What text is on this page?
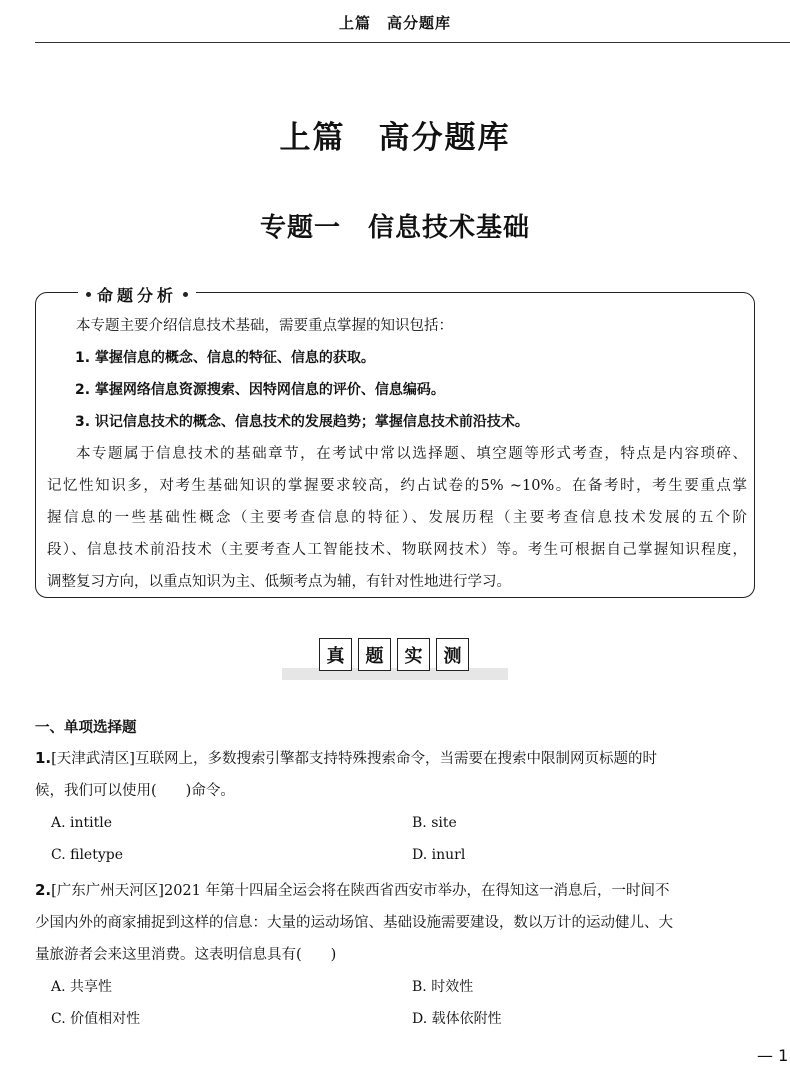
上篇　高分题库
上篇　高分题库
专题一　信息技术基础
命题分析

本专题主要介绍信息技术基础，需要重点掌握的知识包括：

1. 掌握信息的概念、信息的特征、信息的获取。

2. 掌握网络信息资源搜索、因特网信息的评价、信息编码。

3. 识记信息技术的概念、信息技术的发展趋势；掌握信息技术前沿技术。

本专题属于信息技术的基础章节，在考试中常以选择题、填空题等形式考查，特点是内容琐碎、

记忆性知识多，对考生基础知识的掌握要求较高，约占试卷的5% ~10%。在备考时，考生要重点掌

握信息的一些基础性概念（主要考查信息的特征）、发展历程（主要考查信息技术发展的五个阶

段）、信息技术前沿技术（主要考查人工智能技术、物联网技术）等。考生可根据自己掌握知识程度，

调整复习方向，以重点知识为主、低频考点为辅，有针对性地进行学习。

真	题	实	测
一、单项选择题
1.[天津武清区]互联网上，多数搜索引擎都支持特殊搜索命令，当需要在搜索中限制网页标题的时
候，我们可以使用(　　)命令。
A. intitle	B. site
C. filetype	D. inurl
2.[广东广州天河区]2021 年第十四届全运会将在陕西省西安市举办，在得知这一消息后，一时间不
少国内外的商家捕捉到这样的信息：大量的运动场馆、基础设施需要建设，数以万计的运动健儿、大
量旅游者会来这里消费。这表明信息具有(　　)
A. 共享性	B. 时效性
C. 价值相对性	D. 载体依附性
— 1
